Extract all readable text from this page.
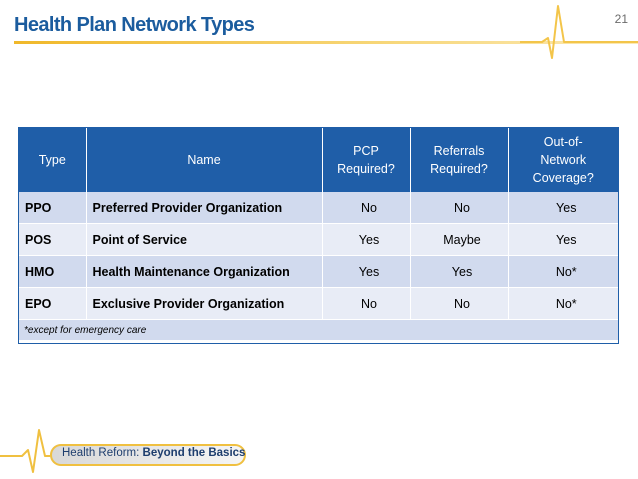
Health Plan Network Types	21
Type	Name	PCP Required?	Referrals Required?	Out-of-Network Coverage?

PPO	Preferred Provider Organization	No	No	Yes
POS	Point of Service	Yes	Maybe	Yes
HMO	Health Maintenance Organization	Yes	Yes	No*
EPO	Exclusive Provider Organization	No	No	No*
*except for emergency care				
Health Reform: Beyond the Basics
